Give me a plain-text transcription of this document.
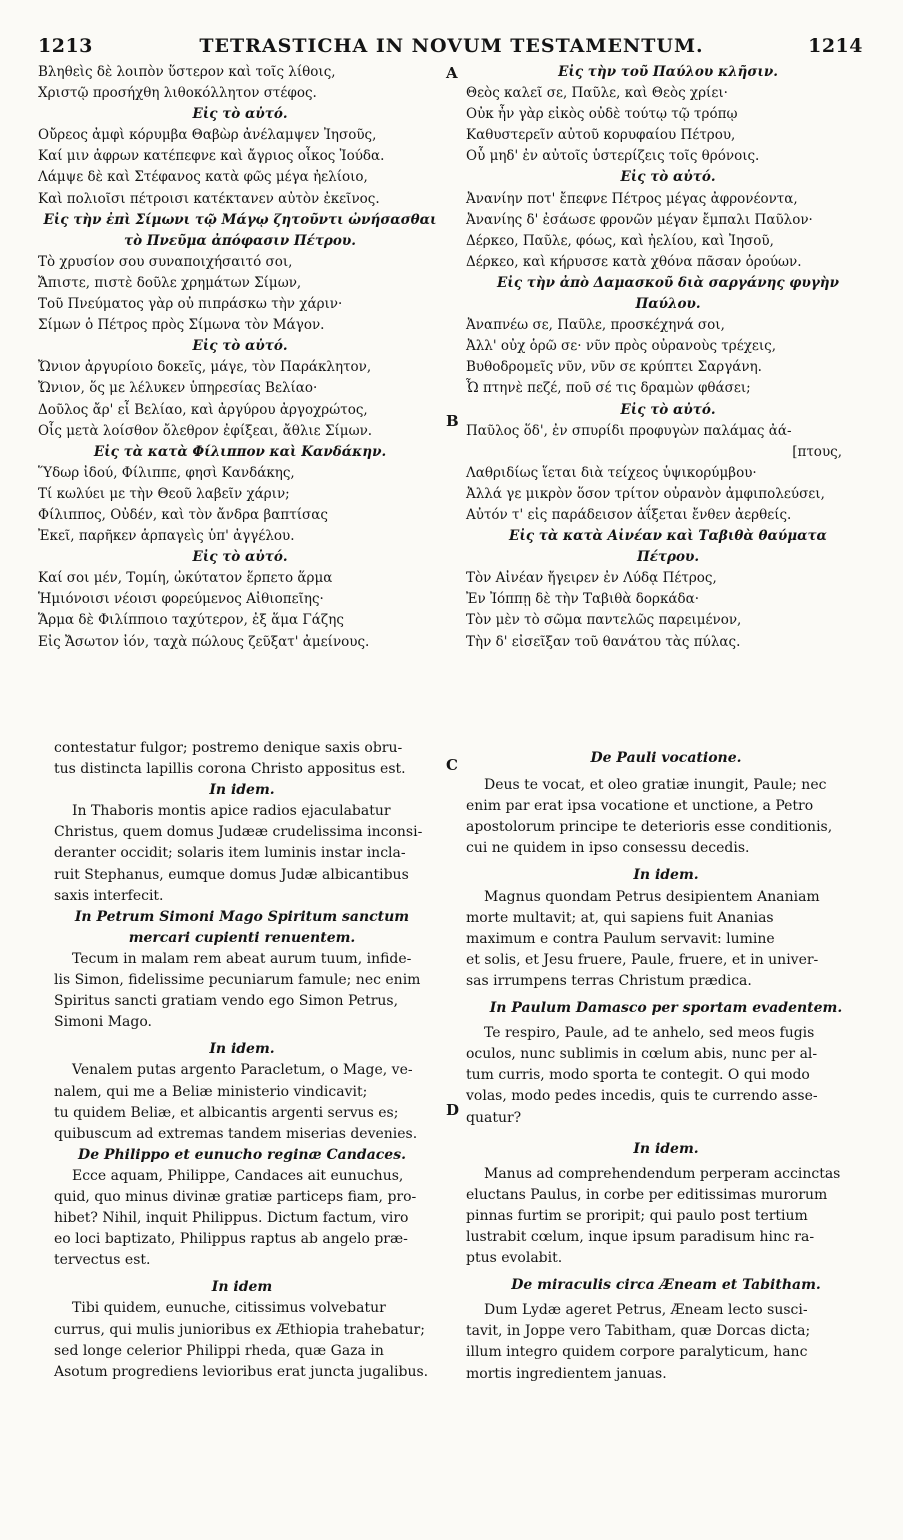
1213	TETRASTICHA IN NOVUM TESTAMENTUM.	1214
Βληθεὶς δὲ λοιπὸν ὕστερον καὶ τοῖς λίθοις,
Χριστῷ προσήχθη λιθοκόλλητον στέφος.
Εἰς τὸ αὐτό.
Οὔρεος ἀμφὶ κόρυμβα Θαβὼρ ἀνέλαμψεν Ἰησοῦς,
Καί μιν ἀφρων κατέπεφνε καὶ ἄγριος οἶκος Ἰούδα.
Λάμψε δὲ καὶ Στέφανος κατὰ φῶς μέγα ἠελίοιο,
Καὶ πολιοῖσι πέτροισι κατέκτανεν αὐτὸν ἐκεῖνος.
Εἰς τὴν ἐπὶ Σίμωνι τῷ Μάγῳ ζητοῦντι ὠνήσασθαι
τὸ Πνεῦμα ἀπόφασιν Πέτρου.
Τὸ χρυσίον σου συναποιχήσαιτό σοι,
Ἄπιστε, πιστὲ δοῦλε χρημάτων Σίμων,
Τοῦ Πνεύματος γὰρ οὐ πιπράσκω τὴν χάριν·
Σίμων ὁ Πέτρος πρὸς Σίμωνα τὸν Μάγον.
Εἰς τὸ αὐτό.
Ὤνιον ἀργυρίοιο δοκεῖς, μάγε, τὸν Παράκλητον,
Ὤνιον, ὅς με λέλυκεν ὑπηρεσίας Βελίαο·
Δοῦλος ἄρ' εἶ Βελίαο, καὶ ἀργύρου ἀργοχρώτος,
Οἷς μετὰ λοίσθον ὄλεθρον ἐφίξεαι, ἄθλιε Σίμων.
Εἰς τὰ κατὰ Φίλιππον καὶ Κανδάκην.
Ὕδωρ ἰδού, Φίλιππε, φησὶ Κανδάκης,
Τί κωλύει με τὴν Θεοῦ λαβεῖν χάριν;
Φίλιππος, Οὐδέν, καὶ τὸν ἄνδρα βαπτίσας
Ἐκεῖ, παρῆκεν ἁρπαγεὶς ὑπ' ἀγγέλου.
Εἰς τὸ αὐτό.
Καί σοι μέν, Τομίη, ὠκύτατον ἕρπετο ἅρμα
Ἡμιόνοισι νέοισι φορεύμενος Αἰθιοπεῖης·
Ἅρμα δὲ Φιλίπποιο ταχύτερον, ἐξ ἅμα Γάζης
Εἰς Ἄσωτον ἰόν, ταχὰ πώλους ζεῦξατ' ἀμείνους.
Εἰς τὴν τοῦ Παύλου κλῆσιν.
Θεὸς καλεῖ σε, Παῦλε, καὶ Θεὸς χρίει·
Οὐκ ἦν γὰρ εἰκὸς οὐδὲ τούτῳ τῷ τρόπῳ
Καθυστερεῖν αὐτοῦ κορυφαίου Πέτρου,
Οὗ μηδ' ἐν αὐτοῖς ὑστερίζεις τοῖς θρόνοις.
Εἰς τὸ αὐτό.
Ἀνανίην ποτ' ἔπεφνε Πέτρος μέγας ἀφρονέοντα,
Ἀνανίης δ' ἐσάωσε φρονῶν μέγαν ἔμπαλι Παῦλον·
Δέρκεο, Παῦλε, φόως, καὶ ἠελίου, καὶ Ἰησοῦ,
Δέρκεο, καὶ κήρυσσε κατὰ χθόνα πᾶσαν ὁρούων.
Εἰς τὴν ἀπὸ Δαμασκοῦ διὰ σαργάνης φυγὴν
Παύλου.
Ἀναπνέω σε, Παῦλε, προσκέχηνά σοι,
Ἀλλ' οὐχ ὁρῶ σε· νῦν πρὸς οὐρανοὺς τρέχεις,
Βυθοδρομεῖς νῦν, νῦν σε κρύπτει Σαργάνη.
Ὦ πτηνὲ πεζέ, ποῦ σέ τις δραμὼν φθάσει;
Εἰς τὸ αὐτό.
Παῦλος ὅδ', ἐν σπυρίδι προφυγὼν παλάμας ἀά-
[πτους,
Λαθριδίως ἵεται διὰ τείχεος ὑψικορύμβου·
Ἀλλά γε μικρὸν ὅσον τρίτον οὐρανὸν ἀμφιπολεύσει,
Αὐτόν τ' εἰς παράδεισον ἀΐξεται ἔνθεν ἀερθείς.
Εἰς τὰ κατὰ Αἰνέαν καὶ Ταβιθὰ θαύματα
Πέτρου.
Τὸν Αἰνέαν ἤγειρεν ἐν Λύδᾳ Πέτρος,
Ἐν Ἰόππῃ δὲ τὴν Ταβιθὰ δορκάδα·
Τὸν μὲν τὸ σῶμα παντελῶς παρειμένον,
Τὴν δ' εἰσεῖξαν τοῦ θανάτου τὰς πύλας.
contestatur fulgor; postremo denique saxis obru-
tus distincta lapillis corona Christo appositus est.
In idem.
In Thaboris montis apice radios ejaculabatur
Christus, quem domus Judææ crudelissima inconsi-
deranter occidit; solaris item luminis instar incla-
ruit Stephanus, eumque domus Judæ albicantibus
saxis interfecit.
In Petrum Simoni Mago Spiritum sanctum
mercari cupienti renuentem.
Tecum in malam rem abeat aurum tuum, infide-
lis Simon, fidelissime pecuniarum famule; nec enim
Spiritus sancti gratiam vendo ego Simon Petrus,
Simoni Mago.
In idem.
Venalem putas argento Paracletum, o Mage, ve-
nalem, qui me a Beliæ ministerio vindicavit;
tu quidem Beliæ, et albicantis argenti servus es;
quibuscum ad extremas tandem miserias devenies.
De Philippo et eunucho reginæ Candaces.
Ecce aquam, Philippe, Candaces ait eunuchus,
quid, quo minus divinæ gratiæ particeps fiam, pro-
hibet? Nihil, inquit Philippus. Dictum factum, viro
eo loci baptizato, Philippus raptus ab angelo præ-
tervectus est.
In idem
Tibi quidem, eunuche, citissimus volvebatur
currus, qui mulis junioribus ex Æthiopia trahebatur;
sed longe celerior Philippi rheda, quæ Gaza in
Asotum progrediens levioribus erat juncta jugalibus.
De Pauli vocatione.
Deus te vocat, et oleo gratiæ inungit, Paule; nec
enim par erat ipsa vocatione et unctione, a Petro
apostolorum principe te deterioris esse conditionis,
cui ne quidem in ipso consessu decedis.
In idem.
Magnus quondam Petrus desipientem Ananiam
morte multavit; at, qui sapiens fuit Ananias
maximum e contra Paulum servavit: lumine
et solis, et Jesu fruere, Paule, fruere, et in univer-
sas irrumpens terras Christum prædica.
In Paulum Damasco per sportam evadentem.
Te respiro, Paule, ad te anhelo, sed meos fugis
oculos, nunc sublimis in cœlum abis, nunc per al-
tum curris, modo sporta te contegit. O qui modo
volas, modo pedes incedis, quis te currendo asse-
quatur?
In idem.
Manus ad comprehendendum perperam accinctas
eluctans Paulus, in corbe per editissimas murorum
pinnas furtim se proripit; qui paulo post tertium
lustrabit cœlum, inque ipsum paradisum hinc ra-
ptus evolabit.
De miraculis circa Æneam et Tabitham.
Dum Lydæ ageret Petrus, Æneam lecto susci-
tavit, in Joppe vero Tabitham, quæ Dorcas dicta;
illum integro quidem corpore paralyticum, hanc
mortis ingredientem januas.
A
B
C
D
